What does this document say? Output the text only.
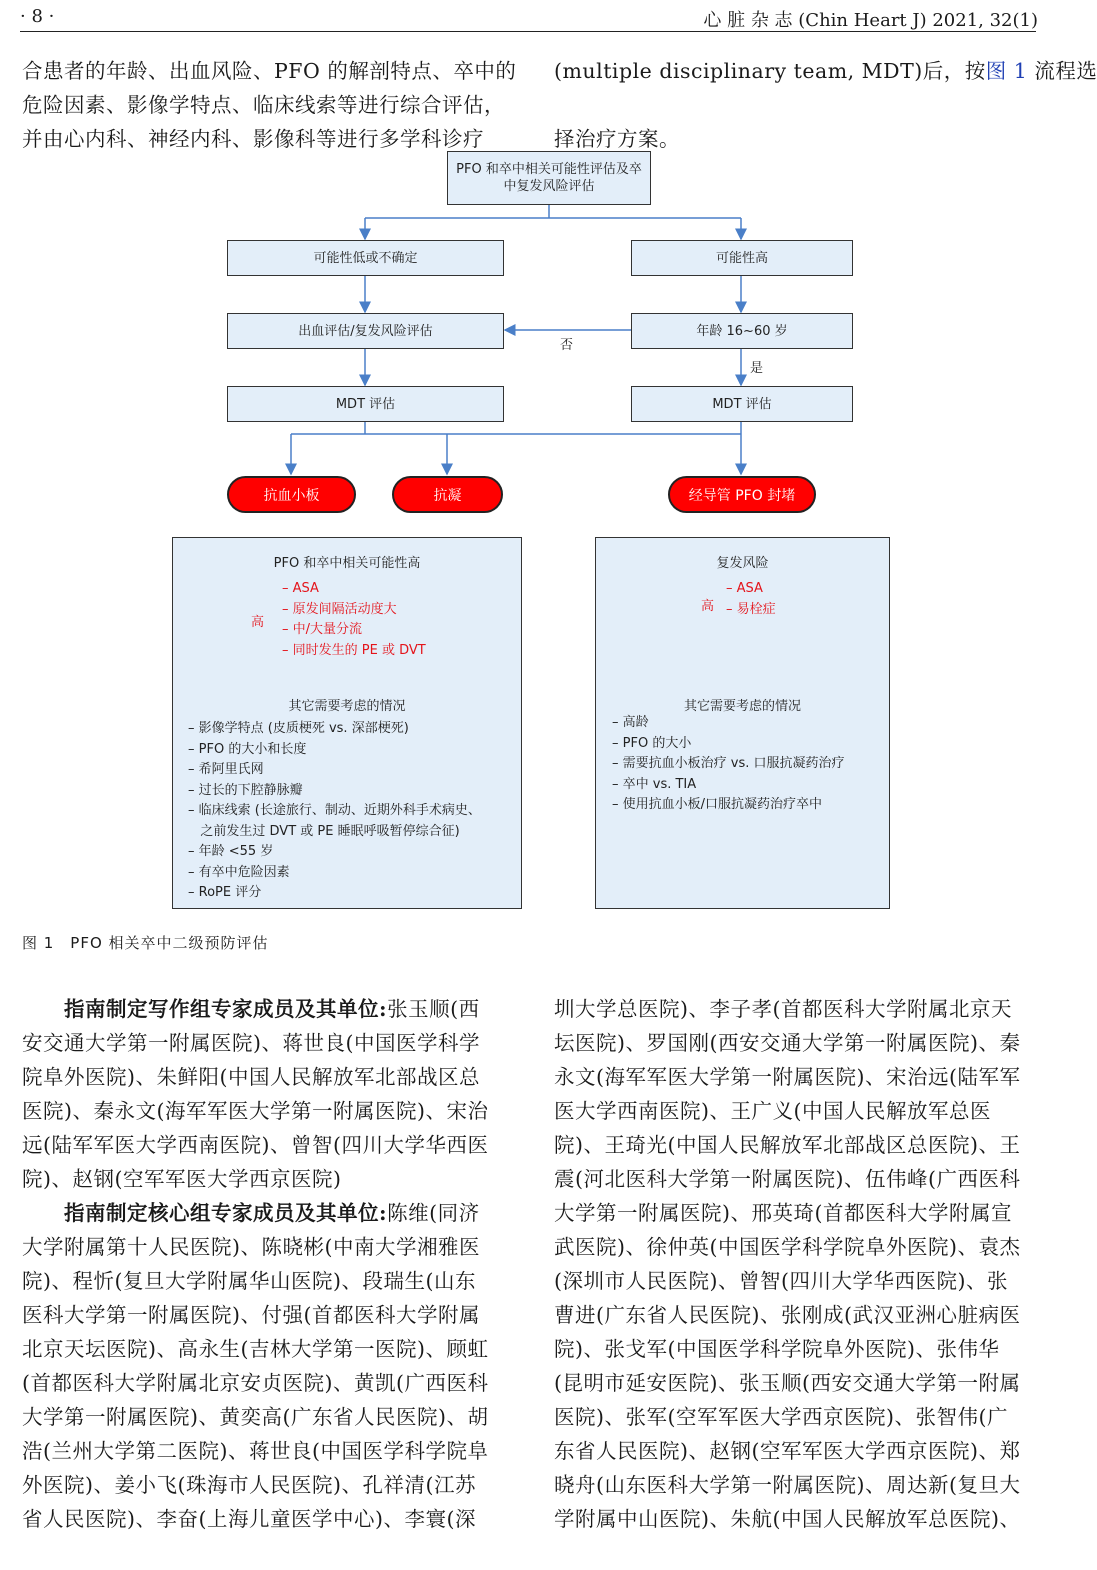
· 8 ·	心 脏 杂 志 (Chin Heart J) 2021, 32(1)
合患者的年龄、出血风险、PFO 的解剖特点、卒中的
危险因素、影像学特点、临床线索等进行综合评估，
并由心内科、神经内科、影像科等进行多学科诊疗
(multiple disciplinary team, MDT)后，按图 1 流程选
择治疗方案。
PFO 和卒中相关可能性评估及卒中复发风险评估
可能性低或不确定	可能性高
出血评估/复发风险评估	年龄 16~60 岁
MDT 评估	MDT 评估
否
是
抗血小板	抗凝	经导管 PFO 封堵
PFO 和卒中相关可能性高
高
– ASA
– 原发间隔活动度大
– 中/大量分流
– 同时发生的 PE 或 DVT
其它需要考虑的情况
– 影像学特点 (皮质梗死 vs. 深部梗死)
– PFO 的大小和长度
– 希阿里氏网
– 过长的下腔静脉瓣
– 临床线索 (长途旅行、制动、近期外科手术病史、
之前发生过 DVT 或 PE 睡眠呼吸暂停综合征)
– 年龄 <55 岁
– 有卒中危险因素
– RoPE 评分
复发风险
高
– ASA
– 易栓症
其它需要考虑的情况
– 高龄
– PFO 的大小
– 需要抗血小板治疗 vs. 口服抗凝药治疗
– 卒中 vs. TIA
– 使用抗血小板/口服抗凝药治疗卒中
图 1　PFO 相关卒中二级预防评估
指南制定写作组专家成员及其单位:张玉顺(西
安交通大学第一附属医院)、蒋世良(中国医学科学
院阜外医院)、朱鲜阳(中国人民解放军北部战区总
医院)、秦永文(海军军医大学第一附属医院)、宋治
远(陆军军医大学西南医院)、曾智(四川大学华西医
院)、赵钢(空军军医大学西京医院)
指南制定核心组专家成员及其单位:陈维(同济
大学附属第十人民医院)、陈晓彬(中南大学湘雅医
院)、程忻(复旦大学附属华山医院)、段瑞生(山东
医科大学第一附属医院)、付强(首都医科大学附属
北京天坛医院)、高永生(吉林大学第一医院)、顾虹
(首都医科大学附属北京安贞医院)、黄凯(广西医科
大学第一附属医院)、黄奕高(广东省人民医院)、胡
浩(兰州大学第二医院)、蒋世良(中国医学科学院阜
外医院)、姜小飞(珠海市人民医院)、孔祥清(江苏
省人民医院)、李奋(上海儿童医学中心)、李寰(深
圳大学总医院)、李子孝(首都医科大学附属北京天
坛医院)、罗国刚(西安交通大学第一附属医院)、秦
永文(海军军医大学第一附属医院)、宋治远(陆军军
医大学西南医院)、王广义(中国人民解放军总医
院)、王琦光(中国人民解放军北部战区总医院)、王
震(河北医科大学第一附属医院)、伍伟峰(广西医科
大学第一附属医院)、邢英琦(首都医科大学附属宣
武医院)、徐仲英(中国医学科学院阜外医院)、袁杰
(深圳市人民医院)、曾智(四川大学华西医院)、张
曹进(广东省人民医院)、张刚成(武汉亚洲心脏病医
院)、张戈军(中国医学科学院阜外医院)、张伟华
(昆明市延安医院)、张玉顺(西安交通大学第一附属
医院)、张军(空军军医大学西京医院)、张智伟(广
东省人民医院)、赵钢(空军军医大学西京医院)、郑
晓舟(山东医科大学第一附属医院)、周达新(复旦大
学附属中山医院)、朱航(中国人民解放军总医院)、
